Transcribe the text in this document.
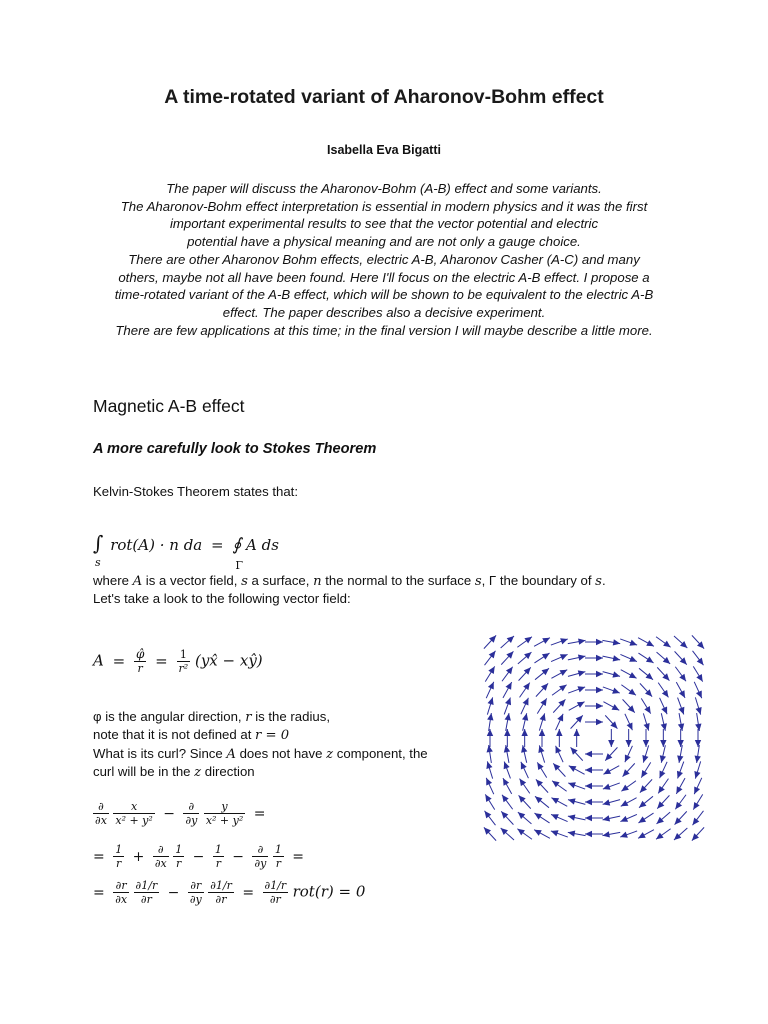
A time-rotated variant of Aharonov-Bohm effect
Isabella Eva Bigatti
The paper will discuss the Aharonov-Bohm (A-B) effect and some variants.
The Aharonov-Bohm effect interpretation is essential in modern physics and it was the first
important experimental results to see that the vector potential and electric
potential have a physical meaning and are not only a gauge choice.
There are other Aharonov Bohm effects, electric A-B, Aharonov Casher (A-C) and many
others, maybe not all have been found. Here I'll focus on the electric A-B effect. I propose a
time-rotated variant of the A-B effect, which will be shown to be equivalent to the electric A-B
effect. The paper describes also a decisive experiment.
There are few applications at this time; in the final version I will maybe describe a little more.
Magnetic A-B effect
A more carefully look to Stokes Theorem
Kelvin-Stokes Theorem states that:
∫
s
rot(A) · n da = ∮
Γ
A ds
where A is a vector field, s a surface, n the normal to the surface s, Γ the boundary of s.
Let's take a look to the following vector field:
$A = \frac{\varphî}{r} = \frac{1}{\text{r²}}$ (yx̂ − xŷ)
φ is the angular direction, r is the radius,
note that it is not defined at r = 0
What is its curl? Since A does not have z component, the
curl will be in the z direction
$\frac{\partial}{\partial x}$
$\frac{x}{\text{x² + y²}} - \frac{\partial}{\partial y}$
$\frac{y}{\text{x² + y²}}$ =
= $\frac{1}{r} + \frac{\partial}{\partial x}$
$\frac{1}{r} - \frac{1}{r} - \frac{\partial}{\partial y}$
$\frac{1}{r}$ =
= $\frac{\partial r}{\partial x}$
$\frac{\partial 1/r}{\partial r} - \frac{\partial r}{\partial y}$
$\frac{\partial 1/r}{\partial r} = \frac{\partial 1/r}{\partial r} rot(r) = 0$
